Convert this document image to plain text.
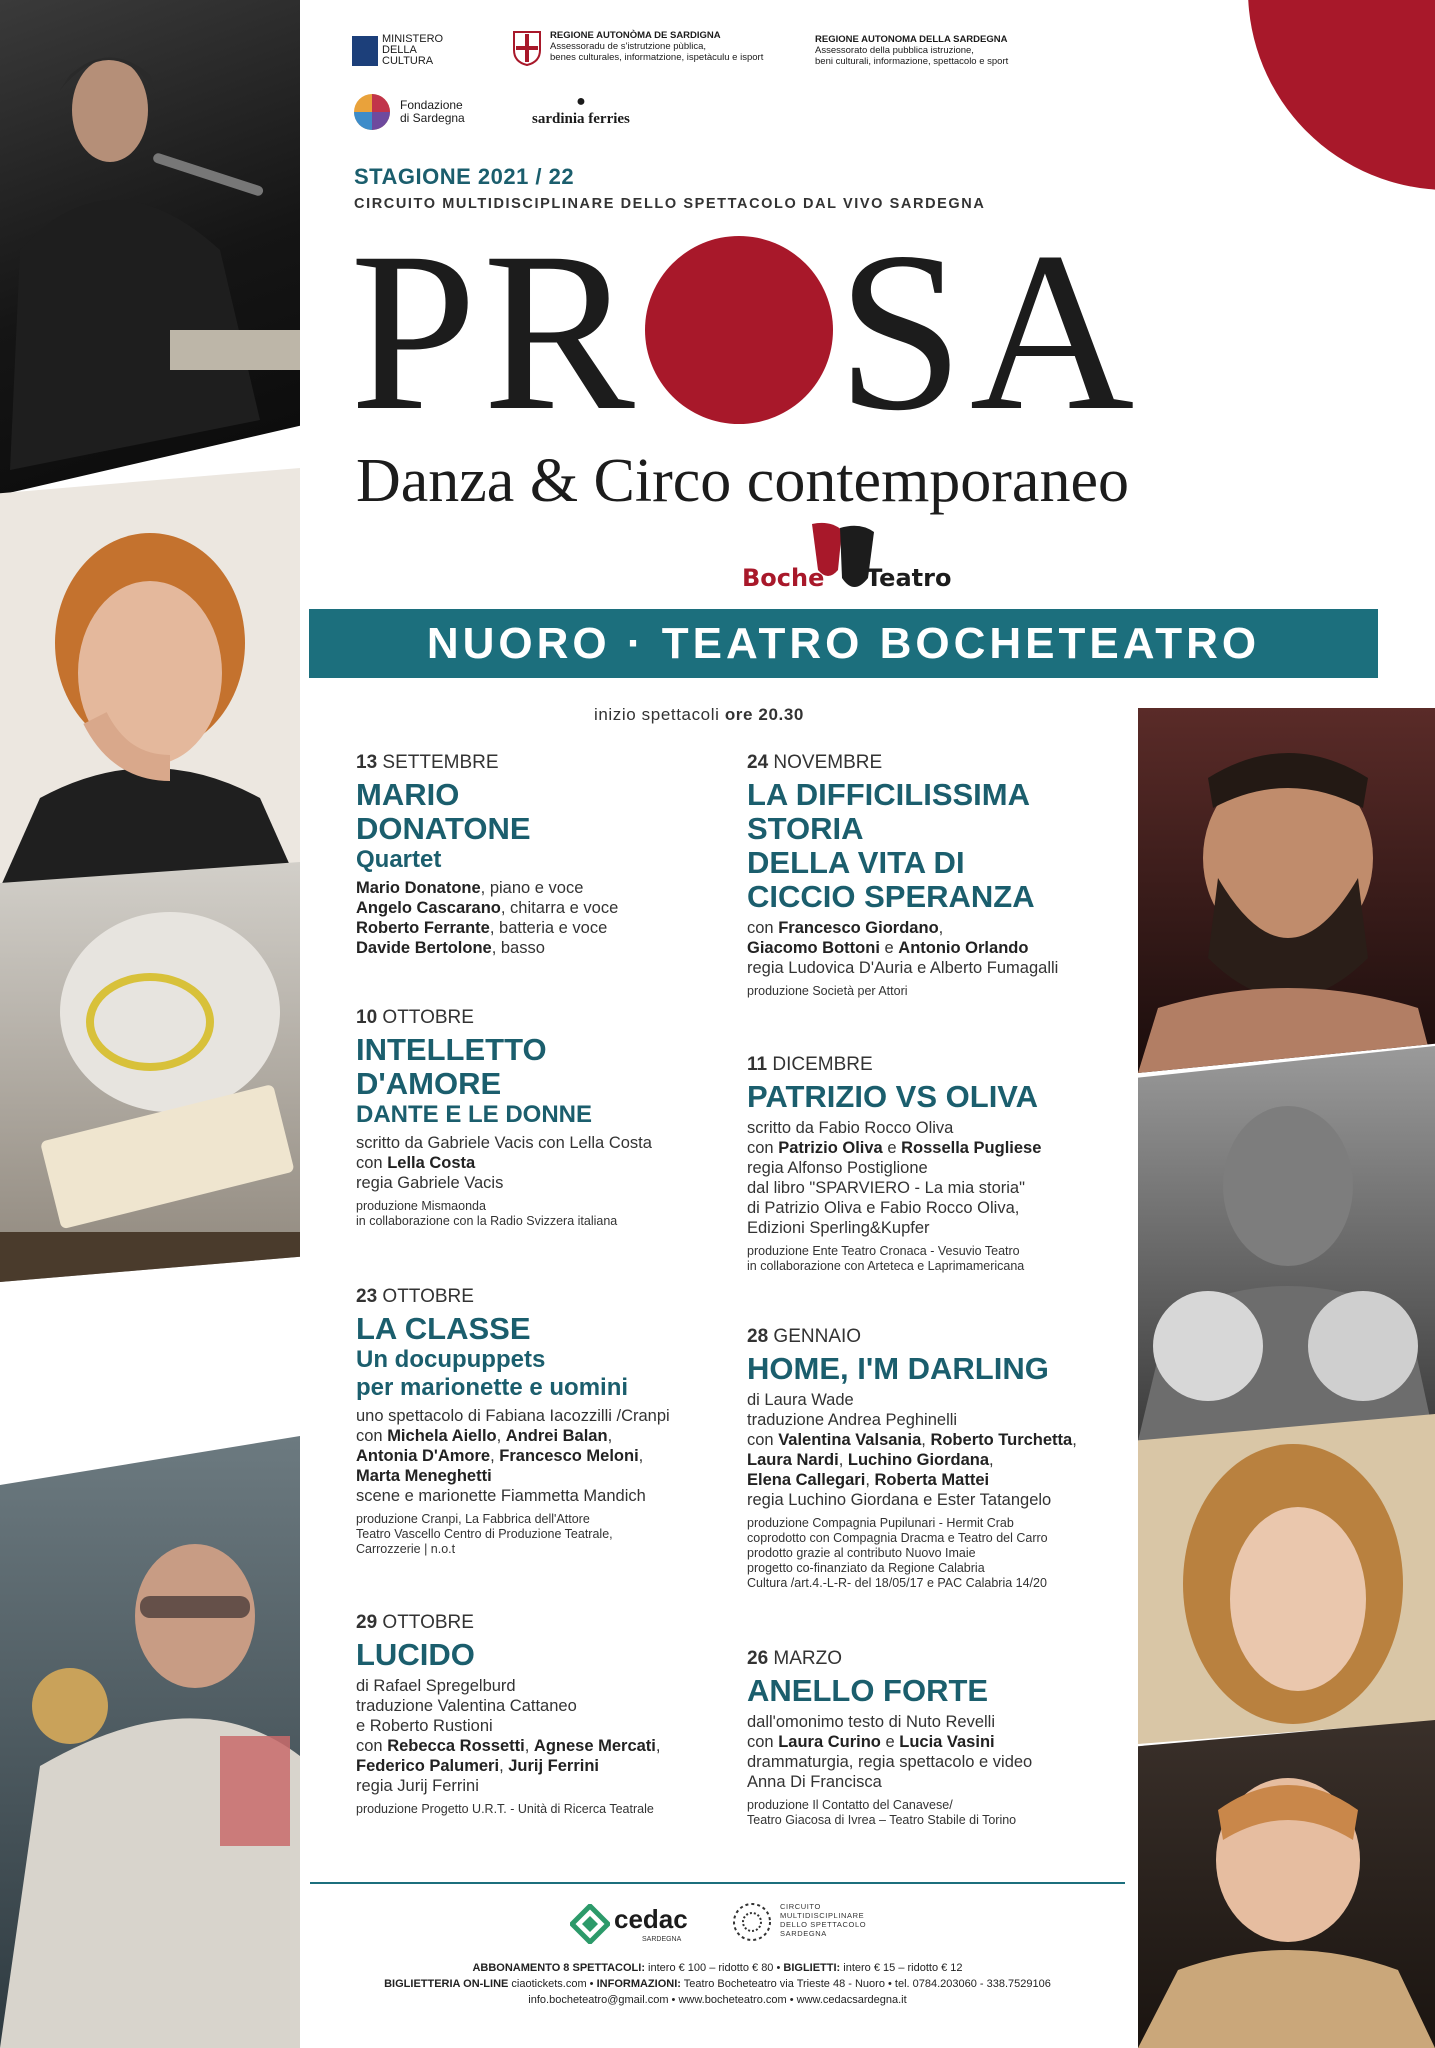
MINISTERO
DELLA
CULTURA
REGIONE AUTONÒMA DE SARDIGNA
Assessoradu de s'istrutzione pùblica,
benes culturales, informatzione, ispetàculu e isport
REGIONE AUTONOMA DELLA SARDEGNA
Assessorato della pubblica istruzione,
beni culturali, informazione, spettacolo e sport
Fondazione
di Sardegna
●
sardinia ferries
STAGIONE 2021 / 22
CIRCUITO MULTIDISCIPLINARE DELLO SPETTACOLO DAL VIVO SARDEGNA
PR SA
Danza & Circo contemporaneo
Boche Teatro
NUORO · TEATRO BOCHETEATRO
inizio spettacoli ore 20.30
13 SETTEMBRE
MARIO
DONATONE
Quartet
Mario Donatone, piano e voce
Angelo Cascarano, chitarra e voce
Roberto Ferrante, batteria e voce
Davide Bertolone, basso
10 OTTOBRE
INTELLETTO
D'AMORE
DANTE E LE DONNE
scritto da Gabriele Vacis con Lella Costa
con Lella Costa
regia Gabriele Vacis
produzione Mismaonda
in collaborazione con la Radio Svizzera italiana
23 OTTOBRE
LA CLASSE
Un docupuppets
per marionette e uomini
uno spettacolo di Fabiana Iacozzilli /Cranpi
con Michela Aiello, Andrei Balan,
Antonia D'Amore, Francesco Meloni,
Marta Meneghetti
scene e marionette Fiammetta Mandich
produzione Cranpi, La Fabbrica dell'Attore
Teatro Vascello Centro di Produzione Teatrale,
Carrozzerie | n.o.t
29 OTTOBRE
LUCIDO
di Rafael Spregelburd
traduzione Valentina Cattaneo
e Roberto Rustioni
con Rebecca Rossetti, Agnese Mercati,
Federico Palumeri, Jurij Ferrini
regia Jurij Ferrini
produzione Progetto U.R.T. - Unità di Ricerca Teatrale
24 NOVEMBRE
LA DIFFICILISSIMA
STORIA
DELLA VITA DI
CICCIO SPERANZA
con Francesco Giordano,
Giacomo Bottoni e Antonio Orlando
regia Ludovica D'Auria e Alberto Fumagalli
produzione Società per Attori
11 DICEMBRE
PATRIZIO VS OLIVA
scritto da Fabio Rocco Oliva
con Patrizio Oliva e Rossella Pugliese
regia Alfonso Postiglione
dal libro "SPARVIERO - La mia storia"
di Patrizio Oliva e Fabio Rocco Oliva,
Edizioni Sperling&Kupfer
produzione Ente Teatro Cronaca - Vesuvio Teatro
in collaborazione con Arteteca e Laprimamericana
28 GENNAIO
HOME, I'M DARLING
di Laura Wade
traduzione Andrea Peghinelli
con Valentina Valsania, Roberto Turchetta,
Laura Nardi, Luchino Giordana,
Elena Callegari, Roberta Mattei
regia Luchino Giordana e Ester Tatangelo
produzione Compagnia Pupilunari - Hermit Crab
coprodotto con Compagnia Dracma e Teatro del Carro
prodotto grazie al contributo Nuovo Imaie
progetto co-finanziato da Regione Calabria
Cultura /art.4.-L-R- del 18/05/17 e PAC Calabria 14/20
26 MARZO
ANELLO FORTE
dall'omonimo testo di Nuto Revelli
con Laura Curino e Lucia Vasini
drammaturgia, regia spettacolo e video
Anna Di Francisca
produzione Il Contatto del Canavese/
Teatro Giacosa di Ivrea – Teatro Stabile di Torino
cedac
SARDEGNA
CIRCUITO
MULTIDISCIPLINARE
DELLO SPETTACOLO
SARDEGNA
ABBONAMENTO 8 SPETTACOLI: intero € 100 – ridotto € 80 • BIGLIETTI: intero € 15 – ridotto € 12
BIGLIETTERIA ON-LINE ciaotickets.com • INFORMAZIONI: Teatro Bocheteatro via Trieste 48 - Nuoro • tel. 0784.203060 - 338.7529106
info.bocheteatro@gmail.com • www.bocheteatro.com • www.cedacsardegna.it
